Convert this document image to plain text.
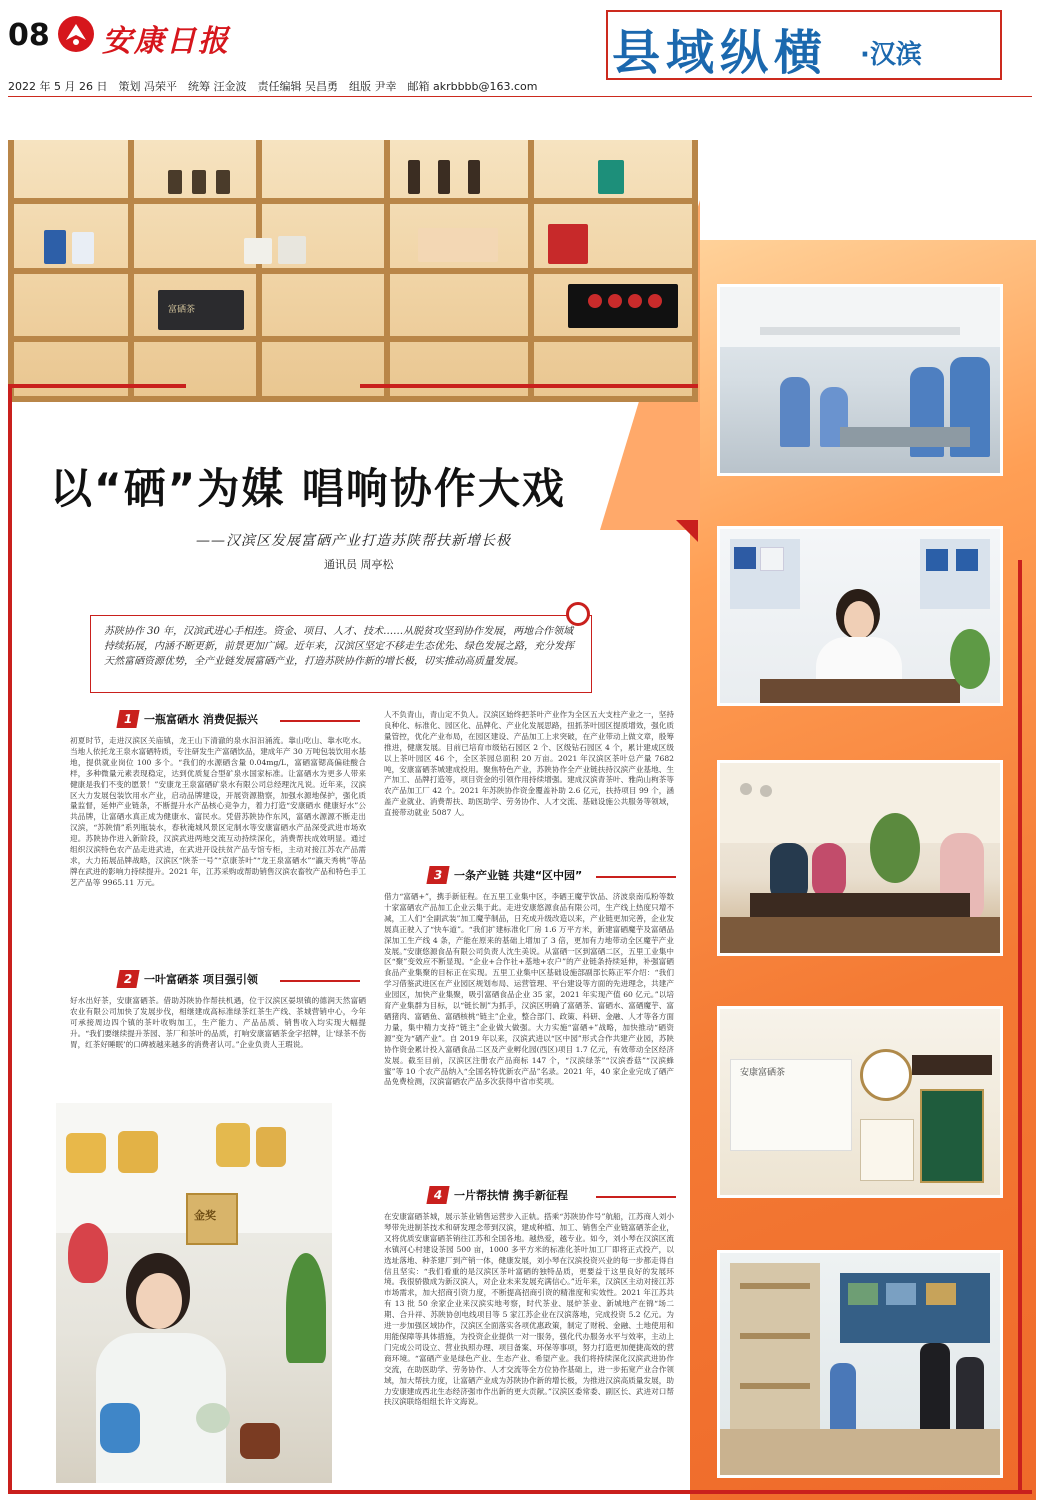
08 安康日报	县域纵横 ·汉滨
2022 年 5 月 26 日　策划 冯荣平　统筹 汪金波　责任编辑 吴昌勇　组版 尹幸　邮箱 akrbbbb@163.com
富硒茶
以“硒”为媒 唱响协作大戏
——汉滨区发展富硒产业打造苏陕帮扶新增长极
通讯员 周亭松
苏陕协作 30 年，汉滨武进心手相连。资金、项目、人才、技术……从脱贫攻坚到协作发展，两地合作领域持续拓展，内涵不断更新，前景更加广阔。近年来，汉滨区坚定不移走生态优先、绿色发展之路，充分发挥天然富硒资源优势，全产业链发展富硒产业，打造苏陕协作新的增长极，切实推动高质量发展。
1 一瓶富硒水 消费促振兴
初夏时节，走进汉滨区关庙镇，龙王山下清澈的泉水汩汩涌流。靠山吃山、靠水吃水。当地人依托龙王泉水富硒特质，专注研发生产富硒饮品，建成年产 30 万吨包装饮用水基地，提供就业岗位 100 多个。“我们的水源硒含量 0.04mg/L，富硒富锶高偏硅酸合样，多种微量元素表现稳定，达到优质复合型矿泉水国家标准。让富硒水为更多人带来健康是我们不变的愿景！”安康龙王泉富硒矿泉水有限公司总经理沈凡说。近年来，汉滨区大力发展包装饮用水产业，启动品牌建设，开展资源勘察，加强水源地保护，强化质量监督，延伸产业链条，不断提升水产品核心竞争力，着力打造“安康硒水 健康好水”公共品牌，让富硒水真正成为健康水、富民水。凭借苏陕协作东风，富硒水源源不断走出汉滨，“苏陕情”系列瓶装水，春秋淹城风景区定制水等安康富硒水产品深受武进市场欢迎。苏陕协作进入新阶段，汉滨武进两地交流互动持续深化，消费帮扶成效明显。通过组织汉滨特色农产品走进武进，在武进开设扶贫产品专馆专柜，主动对接江苏农产品需求，大力拓展品牌战略，汉滨区“陕茶一号”“京康茶叶”“龙王泉富硒水”“瀛天秀桃”等品牌在武进的影响力持续提升。2021 年，江苏采购或帮助销售汉滨农畜牧产品和特色手工艺产品等 9965.11 万元。
2 一叶富硒茶 项目强引领
好水出好茶，安康富硒茶。借助苏陕协作帮扶机遇，位于汉滨区晏坝镇的德润天然富硒农业有限公司加快了发展步伐，相继建成高标准绿茶红茶生产线、茶城营销中心，今年可承接周边四个镇的茶叶收购加工，生产能力、产品品质、销售收入均实现大幅提升。“我们要继续提升茶园、茶厂和茶叶的品质，打响安康富硒茶金字招牌，让‘绿茶不伤胃，红茶好睡眠’的口碑被越来越多的消费者认可。”企业负责人王瑕说。
人不负青山，青山定不负人。汉滨区始终把茶叶产业作为全区五大支柱产业之一，坚持良种化、标准化、园区化、品牌化、产业化发展思路，扭抓茶叶园区提质增效，强化质量管控，优化产业布局，在园区建设、产品加工上求突破，在产业带动上做文章，殷筹推进，健康发展。目前已培育市级钻石园区 2 个、区级钻石园区 4 个，累计建成区级以上茶叶园区 46 个，全区茶园总面积 20 万亩。2021 年汉滨区茶叶总产量 7682 吨，安康富硒茶城建成投用。聚焦特色产业，苏陕协作全产业链扶持汉滨产业基地、生产加工、品牌打造等，项目资金的引领作用持续增强。建成汉滨青茶叶、雅尚山枸茶等农产品加工厂 42 个。2021 年苏陕协作资金覆盖补助 2.6 亿元，扶持项目 99 个，涵盖产业就业、消费帮扶、助医助学、劳务协作、人才交流、基础设施公共服务等领域，直接带动就业 5087 人。
3 一条产业链 共建“区中园”
借力“富硒+”，携手新征程。在五里工业集中区，李硒王魔芋饮品、济波泉南瓜粉等数十家富硒农产品加工企业云集于此。走进安康悠源食品有限公司，生产线上热度只增不减，工人们“全副武装”加工魔芋制品，日充成升级改造以来，产业链更加完善，企业发展真正驶入了“快车道”。“我们扩建标准化厂房 1.6 万平方米，新建富硒魔芋及富硒品深加工生产线 4 条，产能在原来的基础上增加了 3 倍，更加有力地带动全区魔芋产业发展。”安康悠源食品有限公司负责人沈生美说。从富硒一区到富硒二区，五里工业集中区“聚”变效应不断显现。“企业+合作社+基地+农户”的产业链条持续延伸，补强富硒食品产业集聚的目标正在实现。五里工业集中区基础设施部副部长陈正军介绍：“我们学习借鉴武进区在产业园区规划布局、运营管理、平台建设等方面的先进理念，共建产业园区，加快产业集聚，吸引富硒食品企业 35 家，2021 年实现产值 60 亿元。”以培育产业集群为目标，以“链长制”为抓手，汉滨区明确了富硒茶、富硒水、富硒魔芋、富硒猪肉、富硒鱼、富硒核桃“链主”企业，整合部门、政策、科研、金融、人才等各方面力量，集中精力支持“链主”企业做大做强。大力实施“富硒+”战略，加快推动“硒资源”变为“硒产业”。自 2019 年以来，汉滨武进以“区中园”形式合作共建产业园，苏陕协作资金累计投入富硒食品二区及产业孵化园(西区)项目 1.7 亿元，有效带动全区经济发展。截至目前，汉滨区注册农产品商标 147 个，“汉滨绿茶”“汉滨香菇”“汉滨蜂蜜”等 10 个农产品纳入“全国名特优新农产品”名录。2021 年，40 家企业完成了硒产品免费检测，汉滨富硒农产品多次获得中省市奖项。
4 一片帮扶情 携手新征程
在安康富硒茶城，展示茶业销售运营步入正轨。搭乘“苏陕协作号”航船，江苏商人刘小琴带先进制茶技术和研发理念带到汉滨，建成种植、加工、销售全产业链富硒茶企业，又将优质安康富硒茶销往江苏和全国各地。越热爱，越专业。如今，刘小琴在汉滨区流水镇河心村建设茶园 500 亩，1000 多平方米的标准化茶叶加工厂即将正式投产，以选址落地、种茶建厂到产销一体，健康发展，刘小琴在汉滨投资兴业的每一步都走得自信且坚实：“我们看重的是汉滨区茶叶富硒的独特品质，更要益于这里良好的发展环境。我很骄傲成为新汉滨人，对企业未来发展充满信心。”近年来，汉滨区主动对接江苏市场需求，加大招商引资力度，不断提高招商引资的精准度和实效性。2021 年江苏共有 13 批 50 余家企业来汉滨实地考察，时代茶业、展炉茶业、新城地产在锦“场二期、合升祥、苏陕协创电线项目等 5 家江苏企业在汉滨落地，完成投资 5.2 亿元。为进一步加强区域协作，汉滨区全面落实各项优惠政策，制定了财税、金融、土地使用和用能保障等具体措施，为投资企业提供一对一服务，强化代办服务水平与效率，主动上门完成公司设立、营业执照办理、项目备案、环保等事项，努力打造更加便捷高效的营商环境。“富硒产业是绿色产业、生态产业、希望产业。我们将持续深化汉滨武进协作交流，在助医助学、劳务协作、人才交流等全方位协作基础上，进一步拓宽产业合作领域，加大帮扶力度，让富硒产业成为苏陕协作新的增长极，为推进汉滨高质量发展，助力安康建成西北生态经济强市作出新的更大贡献。”汉滨区委常委、副区长、武进对口帮扶汉滨联络组组长许文海说。
金奖
安康富硒茶
